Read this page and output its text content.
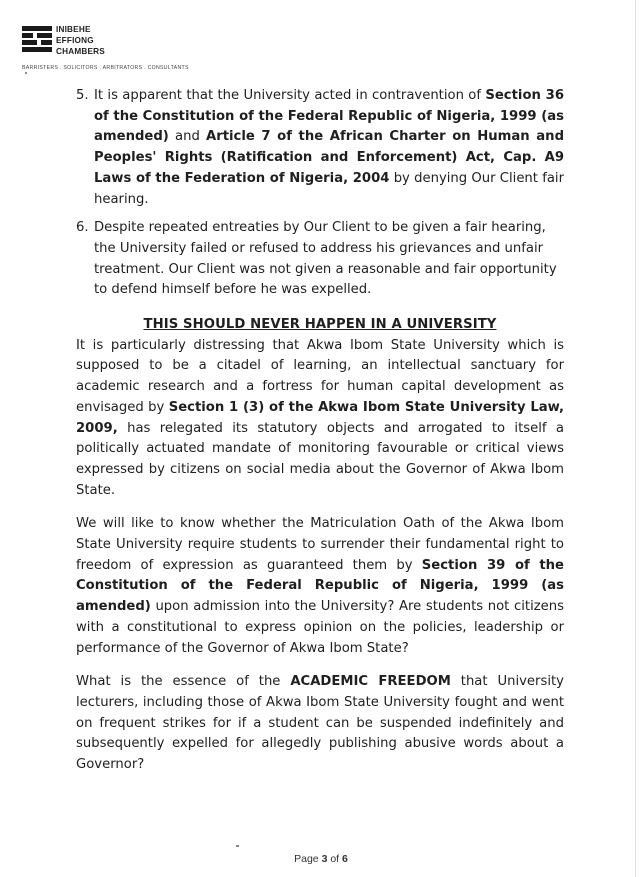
INIBEHE
EFFIONG
CHAMBERS
BARRISTERS . SOLICITORS . ARBITRATORS . CONSULTANTS
5. It is apparent that the University acted in contravention of Section 36 of the Constitution of the Federal Republic of Nigeria, 1999 (as amended) and Article 7 of the African Charter on Human and Peoples' Rights (Ratification and Enforcement) Act, Cap. A9 Laws of the Federation of Nigeria, 2004 by denying Our Client fair hearing.
6. Despite repeated entreaties by Our Client to be given a fair hearing, the University failed or refused to address his grievances and unfair treatment. Our Client was not given a reasonable and fair opportunity to defend himself before he was expelled.
THIS SHOULD NEVER HAPPEN IN A UNIVERSITY
It is particularly distressing that Akwa Ibom State University which is supposed to be a citadel of learning, an intellectual sanctuary for academic research and a fortress for human capital development as envisaged by Section 1 (3) of the Akwa Ibom State University Law, 2009, has relegated its statutory objects and arrogated to itself a politically actuated mandate of monitoring favourable or critical views expressed by citizens on social media about the Governor of Akwa Ibom State.
We will like to know whether the Matriculation Oath of the Akwa Ibom State University require students to surrender their fundamental right to freedom of expression as guaranteed them by Section 39 of the Constitution of the Federal Republic of Nigeria, 1999 (as amended) upon admission into the University? Are students not citizens with a constitutional to express opinion on the policies, leadership or performance of the Governor of Akwa Ibom State?
What is the essence of the ACADEMIC FREEDOM that University lecturers, including those of Akwa Ibom State University fought and went on frequent strikes for if a student can be suspended indefinitely and subsequently expelled for allegedly publishing abusive words about a Governor?
Page 3 of 6
